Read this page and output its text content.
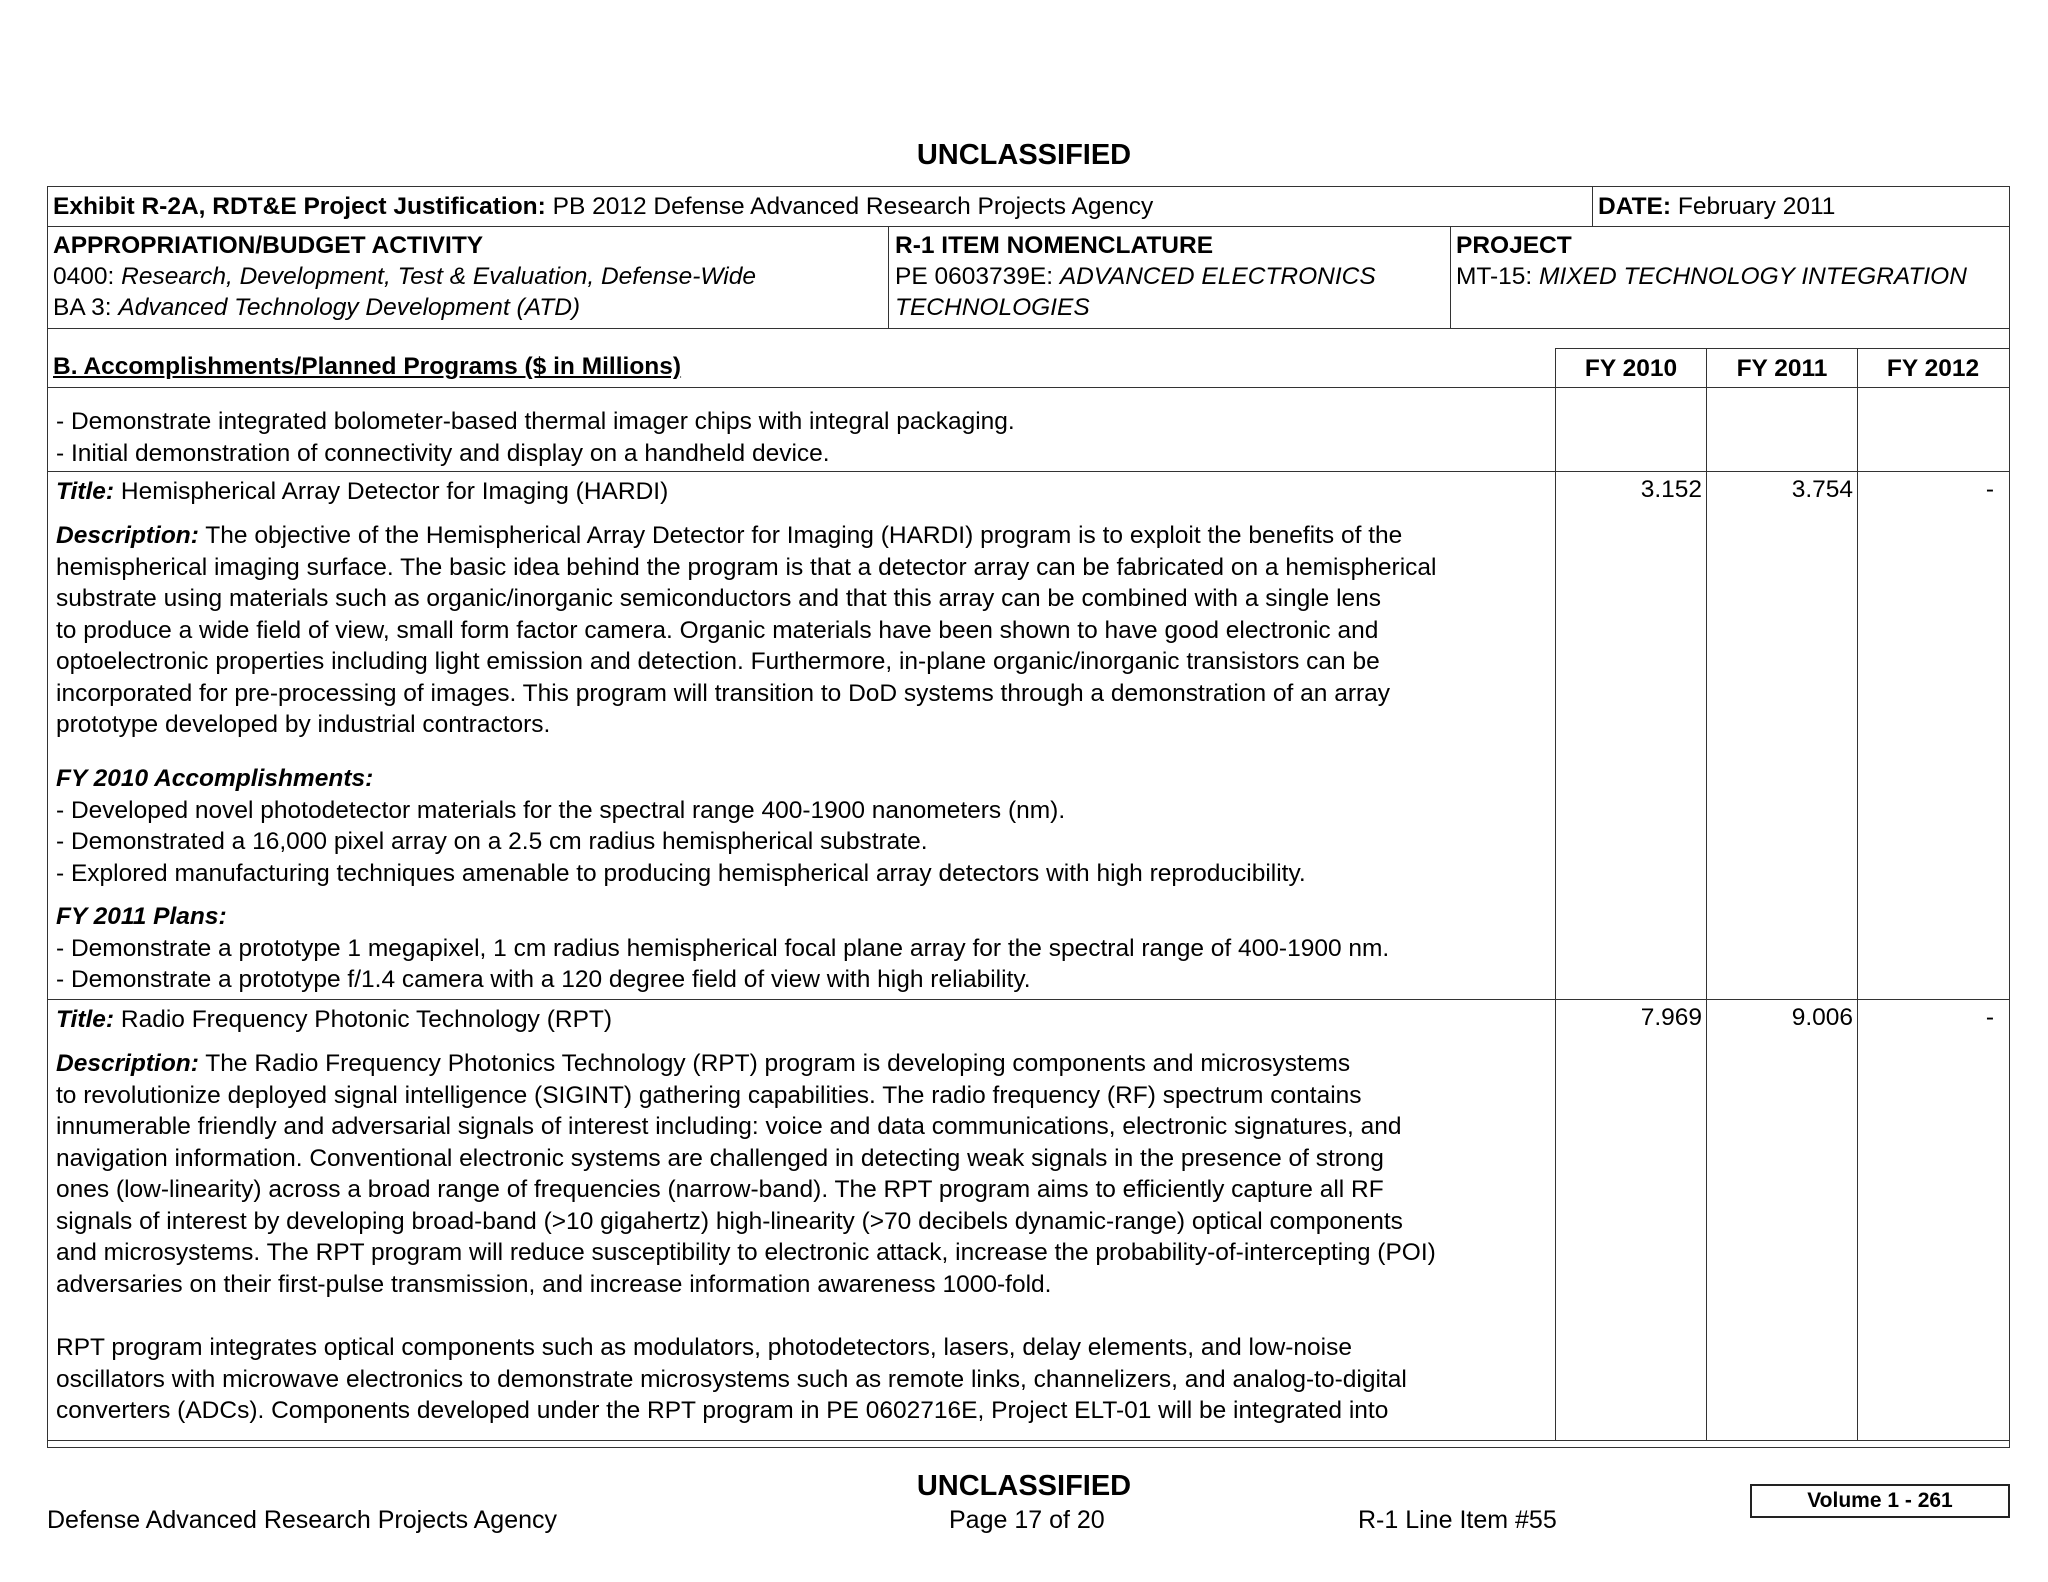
UNCLASSIFIED
Exhibit R-2A, RDT&E Project Justification: PB 2012 Defense Advanced Research Projects Agency	DATE: February 2011
APPROPRIATION/BUDGET ACTIVITY
0400: Research, Development, Test & Evaluation, Defense-Wide
BA 3: Advanced Technology Development (ATD)
R-1 ITEM NOMENCLATURE
PE 0603739E: ADVANCED ELECTRONICS
TECHNOLOGIES
PROJECT
MT-15: MIXED TECHNOLOGY INTEGRATION
B. Accomplishments/Planned Programs ($ in Millions)	FY 2010	FY 2011	FY 2012
- Demonstrate integrated bolometer-based thermal imager chips with integral packaging.
- Initial demonstration of connectivity and display on a handheld device.
Title: Hemispherical Array Detector for Imaging (HARDI)	3.152	3.754	-
Description: The objective of the Hemispherical Array Detector for Imaging (HARDI) program is to exploit the benefits of the
hemispherical imaging surface. The basic idea behind the program is that a detector array can be fabricated on a hemispherical
substrate using materials such as organic/inorganic semiconductors and that this array can be combined with a single lens
to produce a wide field of view, small form factor camera. Organic materials have been shown to have good electronic and
optoelectronic properties including light emission and detection. Furthermore, in-plane organic/inorganic transistors can be
incorporated for pre-processing of images. This program will transition to DoD systems through a demonstration of an array
prototype developed by industrial contractors.
FY 2010 Accomplishments:
- Developed novel photodetector materials for the spectral range 400-1900 nanometers (nm).
- Demonstrated a 16,000 pixel array on a 2.5 cm radius hemispherical substrate.
- Explored manufacturing techniques amenable to producing hemispherical array detectors with high reproducibility.
FY 2011 Plans:
- Demonstrate a prototype 1 megapixel, 1 cm radius hemispherical focal plane array for the spectral range of 400-1900 nm.
- Demonstrate a prototype f/1.4 camera with a 120 degree field of view with high reliability.
Title: Radio Frequency Photonic Technology (RPT)	7.969	9.006	-
Description: The Radio Frequency Photonics Technology (RPT) program is developing components and microsystems
to revolutionize deployed signal intelligence (SIGINT) gathering capabilities. The radio frequency (RF) spectrum contains
innumerable friendly and adversarial signals of interest including: voice and data communications, electronic signatures, and
navigation information. Conventional electronic systems are challenged in detecting weak signals in the presence of strong
ones (low-linearity) across a broad range of frequencies (narrow-band). The RPT program aims to efficiently capture all RF
signals of interest by developing broad-band (>10 gigahertz) high-linearity (>70 decibels dynamic-range) optical components
and microsystems. The RPT program will reduce susceptibility to electronic attack, increase the probability-of-intercepting (POI)
adversaries on their first-pulse transmission, and increase information awareness 1000-fold.
RPT program integrates optical components such as modulators, photodetectors, lasers, delay elements, and low-noise
oscillators with microwave electronics to demonstrate microsystems such as remote links, channelizers, and analog-to-digital
converters (ADCs). Components developed under the RPT program in PE 0602716E, Project ELT-01 will be integrated into
UNCLASSIFIED
Defense Advanced Research Projects Agency	Page 17 of 20	R-1 Line Item #55
Volume 1 - 261
